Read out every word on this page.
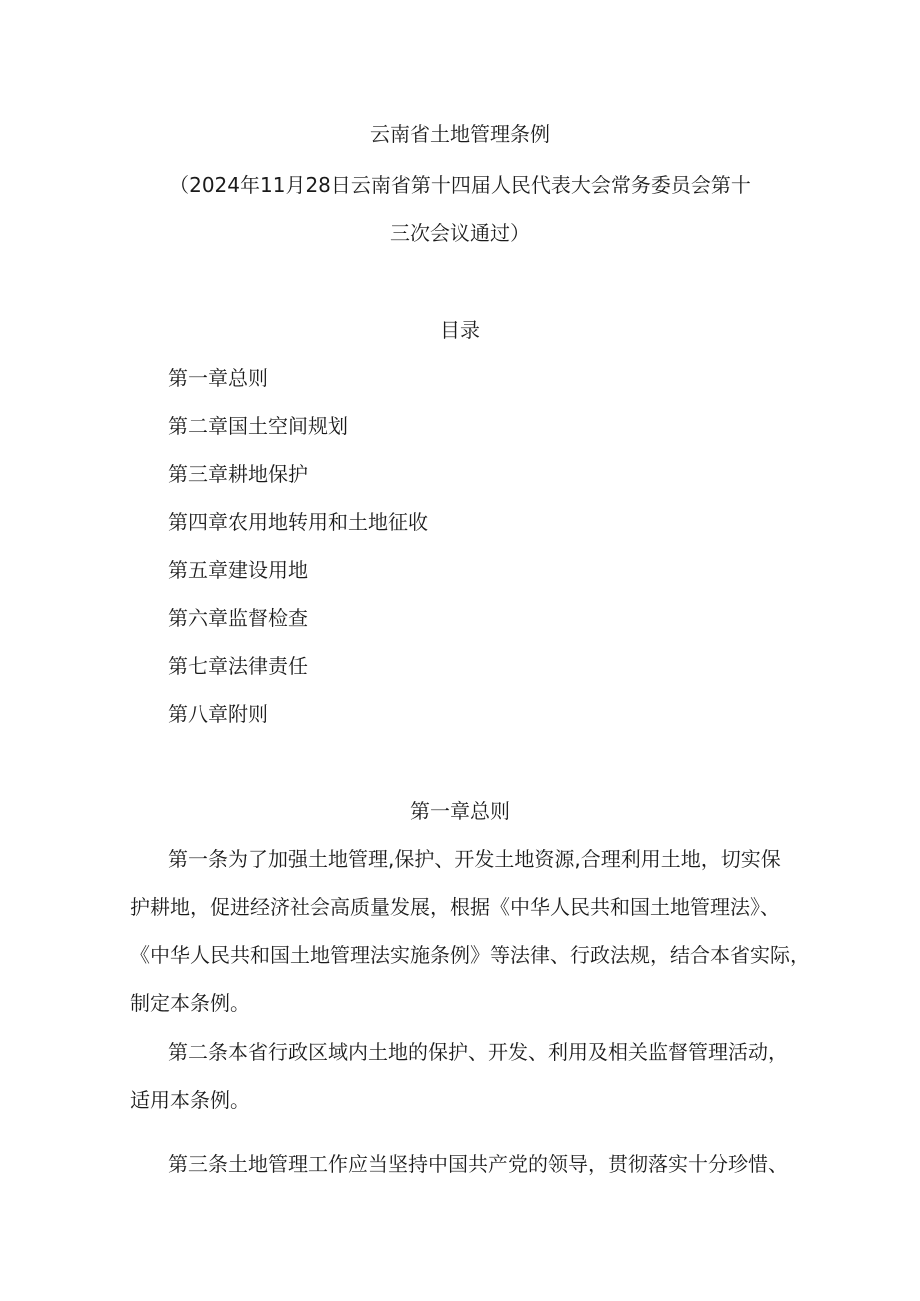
云南省土地管理条例
（2024年11月28日云南省第十四届人民代表大会常务委员会第十
三次会议通过）
目录
第一章总则
第二章国土空间规划
第三章耕地保护
第四章农用地转用和土地征收
第五章建设用地
第六章监督检查
第七章法律责任
第八章附则
第一章总则
第一条为了加强土地管理,保护、开发土地资源,合理利用土地，切实保
护耕地，促进经济社会高质量发展，根据《中华人民共和国土地管理法》、
《中华人民共和国土地管理法实施条例》等法律、行政法规，结合本省实际，
制定本条例。
第二条本省行政区域内土地的保护、开发、利用及相关监督管理活动，
适用本条例。
第三条土地管理工作应当坚持中国共产党的领导，贯彻落实十分珍惜、
